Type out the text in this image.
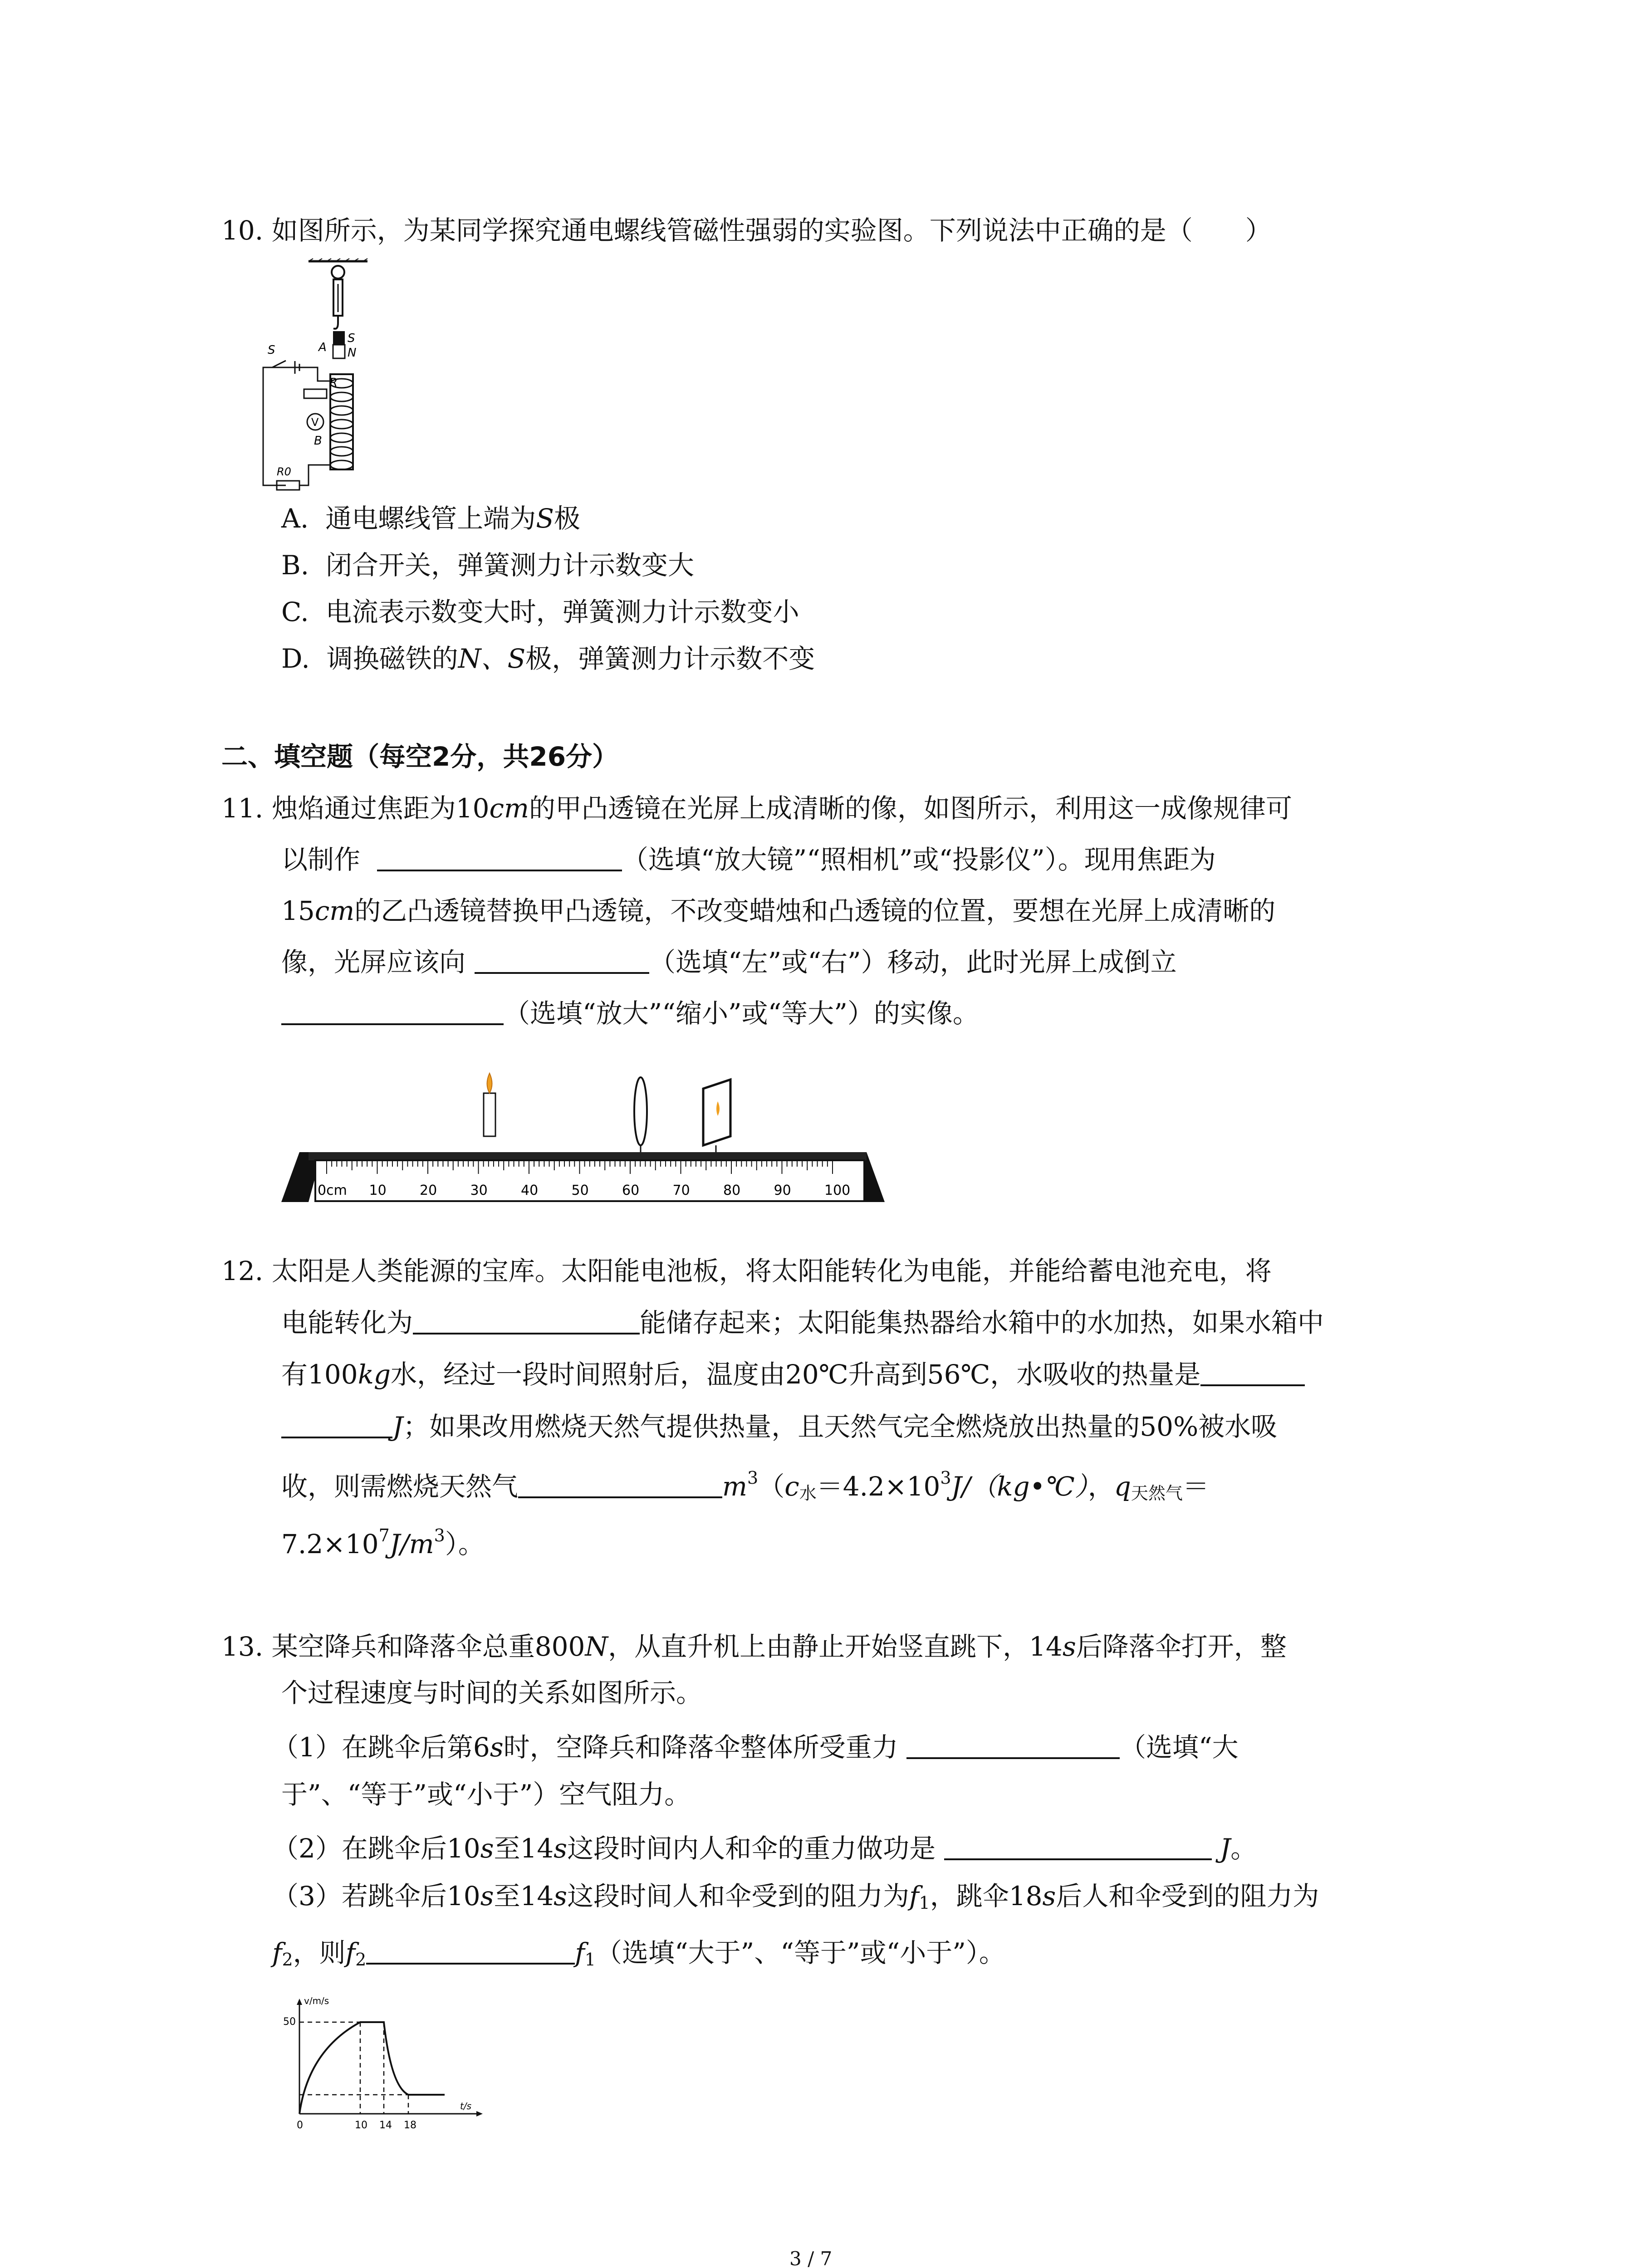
10. 如图所示，为某同学探究通电螺线管磁性强弱的实验图。下列说法中正确的是（　　）
S
N
A
B
S
R
V
R0
A. 通电螺线管上端为S极
B. 闭合开关，弹簧测力计示数变大
C. 电流表示数变大时，弹簧测力计示数变小
D. 调换磁铁的N、S极，弹簧测力计示数不变
二、填空题（每空2分，共26分）
11. 烛焰通过焦距为10cm的甲凸透镜在光屏上成清晰的像，如图所示，利用这一成像规律可
以制作	（选填“放大镜”“照相机”或“投影仪”）。现用焦距为
15cm的乙凸透镜替换甲凸透镜，不改变蜡烛和凸透镜的位置，要想在光屏上成清晰的
像，光屏应该向	（选填“左”或“右”）移动，此时光屏上成倒立
（选填“放大”“缩小”或“等大”）的实像。
0cm 10 20 30 40 50 60 70 80 90 100
12. 太阳是人类能源的宝库。太阳能电池板，将太阳能转化为电能，并能给蓄电池充电，将
电能转化为	能储存起来；太阳能集热器给水箱中的水加热，如果水箱中
有100kg水，经过一段时间照射后，温度由20℃升高到56℃，水吸收的热量是
J；如果改用燃烧天然气提供热量，且天然气完全燃烧放出热量的50%被水吸
收，则需燃烧天然气	$m^3(c_水=4.2\times 10^3J/(kg•℃)$，$q_{天然气}=$
$7.2\times 10^7J/m^3$）。
13. 某空降兵和降落伞总重800N，从直升机上由静止开始竖直跳下，14s后降落伞打开，整
个过程速度与时间的关系如图所示。
（1）在跳伞后第6s时，空降兵和降落伞整体所受重力	（选填“大
于”、“等于”或“小于”）空气阻力。
（2）在跳伞后10s至14s这段时间内人和伞的重力做功是	J。
（3）若跳伞后10s至14s这段时间人和伞受到的阻力为$f_1$，跳伞18s后人和伞受到的阻力为
$f_2$，则$f_2$	$f_1$（选填“大于”、“等于”或“小于”）。
v/m/s
t/s
50
0	10 14 18
3 / 7
